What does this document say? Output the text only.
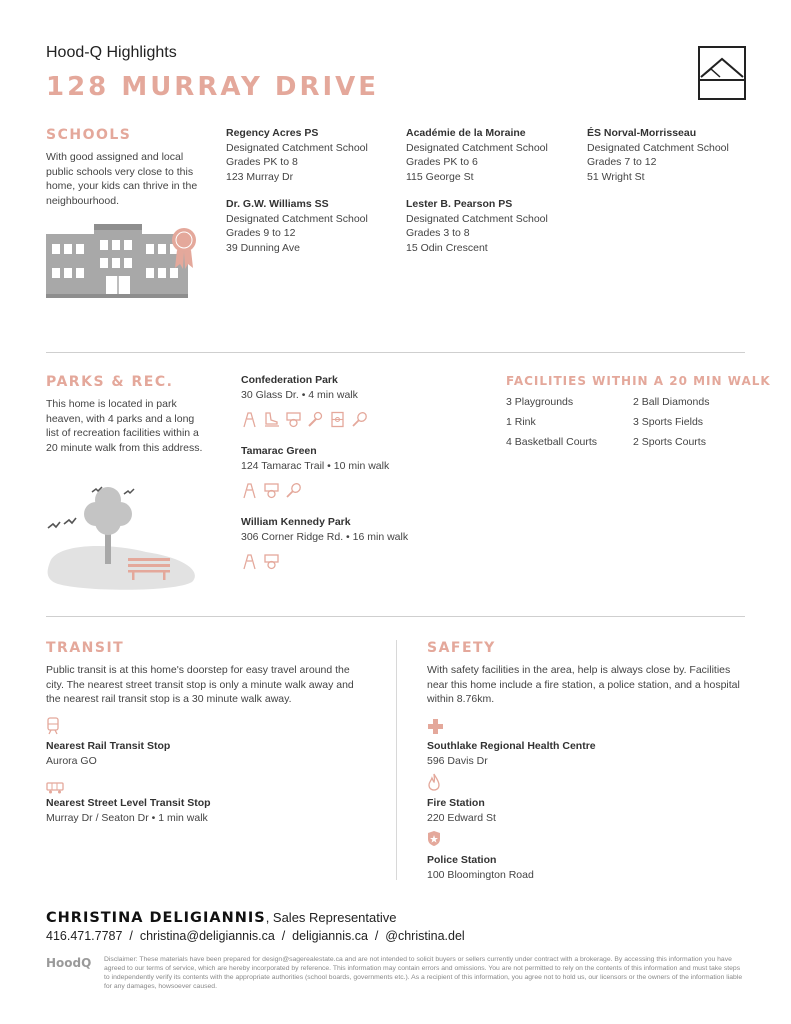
Hood-Q Highlights
128 MURRAY DRIVE
SCHOOLS
With good assigned and local public schools very close to this home, your kids can thrive in the neighbourhood.
Regency Acres PS
Designated Catchment School
Grades PK to 8
123 Murray Dr
Dr. G.W. Williams SS
Designated Catchment School
Grades 9 to 12
39 Dunning Ave
Académie de la Moraine
Designated Catchment School
Grades PK to 6
115 George St
Lester B. Pearson PS
Designated Catchment School
Grades 3 to 8
15 Odin Crescent
ÉS Norval-Morrisseau
Designated Catchment School
Grades 7 to 12
51 Wright St
PARKS & REC.
This home is located in park heaven, with 4 parks and a long list of recreation facilities within a 20 minute walk from this address.
Confederation Park
30 Glass Dr. • 4 min walk
Tamarac Green
124 Tamarac Trail • 10 min walk
William Kennedy Park
306 Corner Ridge Rd. • 16 min walk
FACILITIES WITHIN A 20 MIN WALK
3 Playgrounds	2 Ball Diamonds
1 Rink	3 Sports Fields
4 Basketball Courts	2 Sports Courts
TRANSIT
Public transit is at this home's doorstep for easy travel around the city. The nearest street transit stop is only a minute walk away and the nearest rail transit stop is a 30 minute walk away.
Nearest Rail Transit Stop
Aurora GO
Nearest Street Level Transit Stop
Murray Dr / Seaton Dr • 1 min walk
SAFETY
With safety facilities in the area, help is always close by. Facilities near this home include a fire station, a police station, and a hospital within 8.76km.
Southlake Regional Health Centre
596 Davis Dr
Fire Station
220 Edward St
Police Station
100 Bloomington Road
CHRISTINA DELIGIANNIS, Sales Representative
416.471.7787  /  christina@deligiannis.ca  /  deligiannis.ca  /  @christina.del
HoodQ Disclaimer: These materials have been prepared for design@sagerealestate.ca and are not intended to solicit buyers or sellers currently under contract with a brokerage. By accessing this information you have agreed to our terms of service, which are hereby incorporated by reference. This information may contain errors and omissions. You are not permitted to rely on the contents of this information and must take steps to independently verify its contents with the appropriate authorities (school boards, governments etc.). As a recipient of this information, you agree not to hold us, our licensors or the owners of the information liable for any damages, howsoever caused.
